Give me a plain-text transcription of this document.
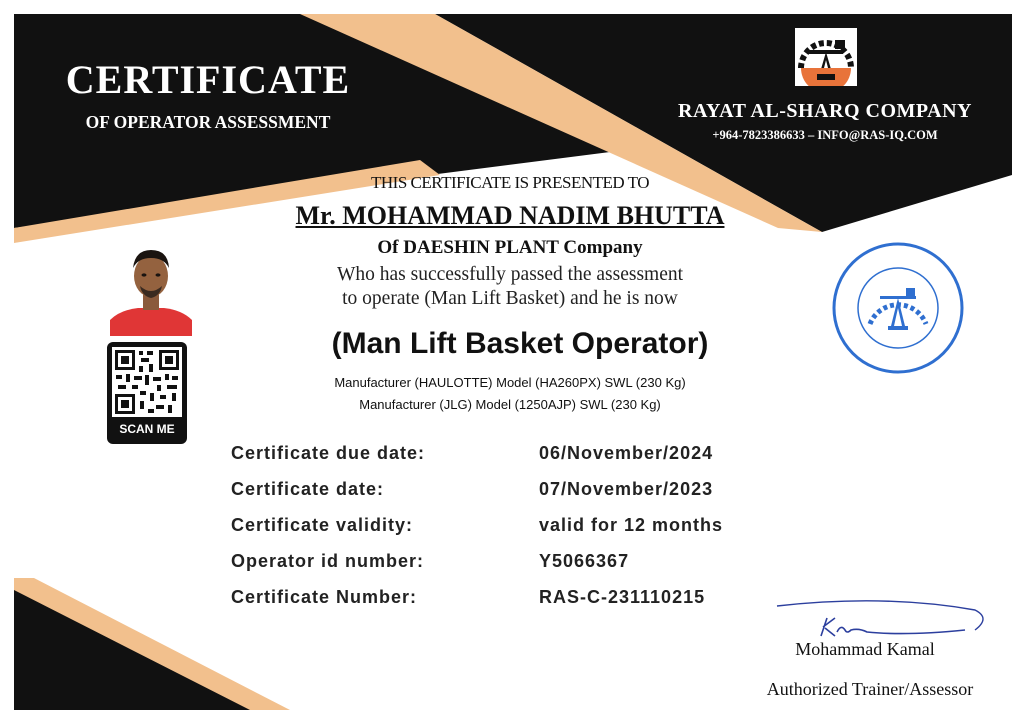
CERTIFICATE
OF OPERATOR ASSESSMENT	RAYAT AL-SHARQ COMPANY
+964-7823386633 – INFO@RAS-IQ.COM
THIS CERTIFICATE IS PRESENTED TO
Mr. MOHAMMAD NADIM BHUTTA
Of DAESHIN PLANT Company
Who has successfully passed the assessment
to operate (Man Lift Basket) and he is now
(Man Lift Basket Operator)
Manufacturer (HAULOTTE) Model (HA260PX) SWL (230 Kg)
Manufacturer (JLG) Model (1250AJP) SWL (230 Kg)
SCAN ME
Certificate due date:	06/November/2024
Certificate date:	07/November/2023
Certificate validity:	valid for 12 months
Operator id number:	Y5066367
Certificate Number:	RAS-C-231110215
Mohammad Kamal
Authorized Trainer/Assessor
